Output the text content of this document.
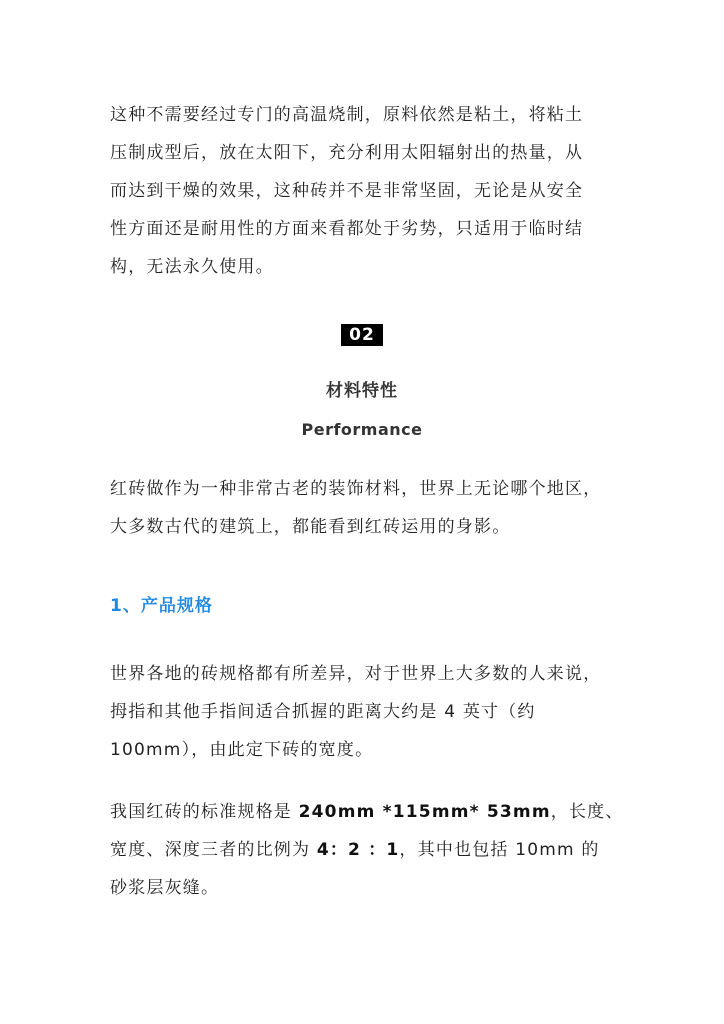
这种不需要经过专门的高温烧制，原料依然是粘土，将粘土
压制成型后，放在太阳下，充分利用太阳辐射出的热量，从
而达到干燥的效果，这种砖并不是非常坚固，无论是从安全
性方面还是耐用性的方面来看都处于劣势，只适用于临时结
构，无法永久使用。
02
材料特性
Performance
红砖做作为一种非常古老的装饰材料，世界上无论哪个地区，
大多数古代的建筑上，都能看到红砖运用的身影。
1、产品规格
世界各地的砖规格都有所差异，对于世界上大多数的人来说，
拇指和其他手指间适合抓握的距离大约是 4 英寸（约
100mm），由此定下砖的宽度。
我国红砖的标准规格是 240mm *115mm* 53mm，长度、
宽度、深度三者的比例为 4：2 ：1，其中也包括 10mm 的
砂浆层灰缝。
